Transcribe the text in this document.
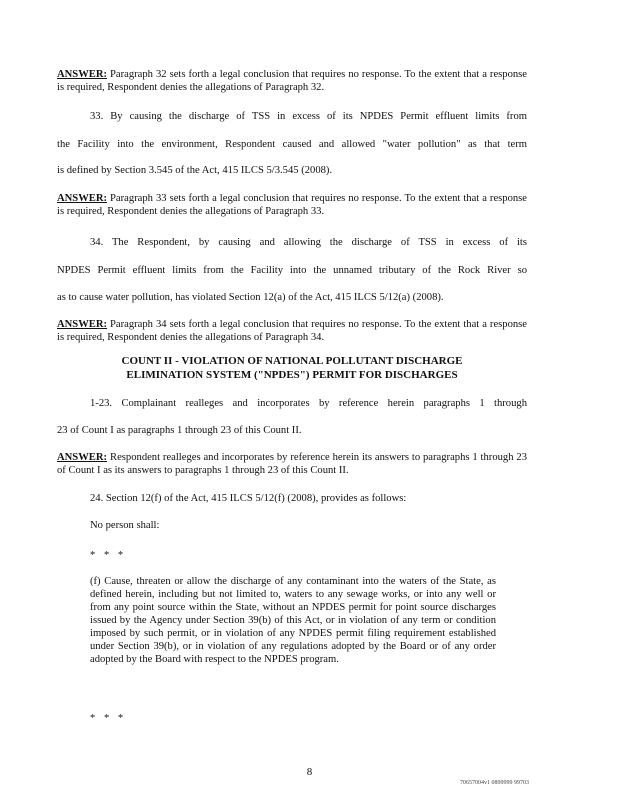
ANSWER: Paragraph 32 sets forth a legal conclusion that requires no response. To the extent that a response is required, Respondent denies the allegations of Paragraph 32.

33. By causing the discharge of TSS in excess of its NPDES Permit effluent limits from

the Facility into the environment, Respondent caused and allowed "water pollution" as that term

is defined by Section 3.545 of the Act, 415 ILCS 5/3.545 (2008).

ANSWER: Paragraph 33 sets forth a legal conclusion that requires no response. To the extent that a response is required, Respondent denies the allegations of Paragraph 33.

34. The Respondent, by causing and allowing the discharge of TSS in excess of its

NPDES Permit effluent limits from the Facility into the unnamed tributary of the Rock River so

as to cause water pollution, has violated Section 12(a) of the Act, 415 ILCS 5/12(a) (2008).

ANSWER: Paragraph 34 sets forth a legal conclusion that requires no response. To the extent that a response is required, Respondent denies the allegations of Paragraph 34.

COUNT II - VIOLATION OF NATIONAL POLLUTANT DISCHARGE

ELIMINATION SYSTEM ("NPDES") PERMIT FOR DISCHARGES

1-23. Complainant realleges and incorporates by reference herein paragraphs 1 through

23 of Count I as paragraphs 1 through 23 of this Count II.

ANSWER: Respondent realleges and incorporates by reference herein its answers to paragraphs 1 through 23 of Count I as its answers to paragraphs 1 through 23 of this Count II.

24. Section 12(f) of the Act, 415 ILCS 5/12(f) (2008), provides as follows:

No person shall:

* * *

(f) Cause, threaten or allow the discharge of any contaminant into the waters of the State, as defined herein, including but not limited to, waters to any sewage works, or into any well or from any point source within the State, without an NPDES permit for point source discharges issued by the Agency under Section 39(b) of this Act, or in violation of any term or condition imposed by such permit, or in violation of any NPDES permit filing requirement established under Section 39(b), or in violation of any regulations adopted by the Board or of any order adopted by the Board with respect to the NPDES program.

* * *

8

70657004v1 0899999 99703
